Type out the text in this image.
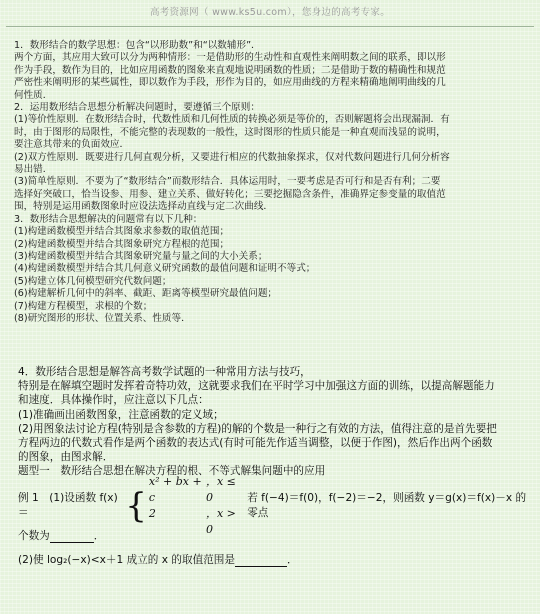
高考资源网（ www.ks5u.com），您身边的高考专家。

1．数形结合的数学思想：包含“以形助数”和“以数辅形”．

两个方面，其应用大致可以分为两种情形：一是借助形的生动性和直观性来阐明数之间的联系，即以形

作为手段，数作为目的，比如应用函数的图象来直观地说明函数的性质；二是借助于数的精确性和规范

严密性来阐明形的某些属性，即以数作为手段，形作为目的，如应用曲线的方程来精确地阐明曲线的几

何性质．

2．运用数形结合思想分析解决问题时，要遵循三个原则：

(1)等价性原则．在数形结合时，代数性质和几何性质的转换必须是等价的，否则解题将会出现漏洞．有

时，由于图形的局限性，不能完整的表现数的一般性，这时图形的性质只能是一种直观而浅显的说明，

要注意其带来的负面效应．

(2)双方性原则．既要进行几何直观分析，又要进行相应的代数抽象探求，仅对代数问题进行几何分析容

易出错．

(3)简单性原则．不要为了“数形结合”而数形结合．具体运用时，一要考虑是否可行和是否有利；二要

选择好突破口，恰当设参、用参、建立关系、做好转化；三要挖掘隐含条件，准确界定参变量的取值范

围，特别是运用函数图象时应设法选择动直线与定二次曲线．

3．数形结合思想解决的问题常有以下几种：

(1)构建函数模型并结合其图象求参数的取值范围；

(2)构建函数模型并结合其图象研究方程根的范围；

(3)构建函数模型并结合其图象研究量与量之间的大小关系；

(4)构建函数模型并结合其几何意义研究函数的最值问题和证明不等式；

(5)构建立体几何模型研究代数问题；

(6)构建解析几何中的斜率、截距、距离等模型研究最值问题；

(7)构建方程模型，求根的个数；

(8)研究图形的形状、位置关系、性质等．

4．数形结合思想是解答高考数学试题的一种常用方法与技巧，

特别是在解填空题时发挥着奇特功效，这就要求我们在平时学习中加强这方面的训练，以提高解题能力

和速度．具体操作时，应注意以下几点：

(1)准确画出函数图象，注意函数的定义域；

(2)用图象法讨论方程(特别是含参数的方程)的解的个数是一种行之有效的方法，值得注意的是首先要把

方程两边的代数式看作是两个函数的表达式(有时可能先作适当调整，以便于作图)，然后作出两个函数

的图象，由图求解．

题型一　数形结合思想在解决方程的根、不等式解集问题中的应用

例 1　(1)设函数 f(x)＝	{
x² + bx + c
，x ≤ 0
2	，x > 0
若 f(−4)＝f(0)，f(−2)＝−2，则函数 y＝g(x)＝f(x)－x 的零点

个数为	．

(2)使 log₂(−x)<x＋1 成立的 x 的取值范围是	．
